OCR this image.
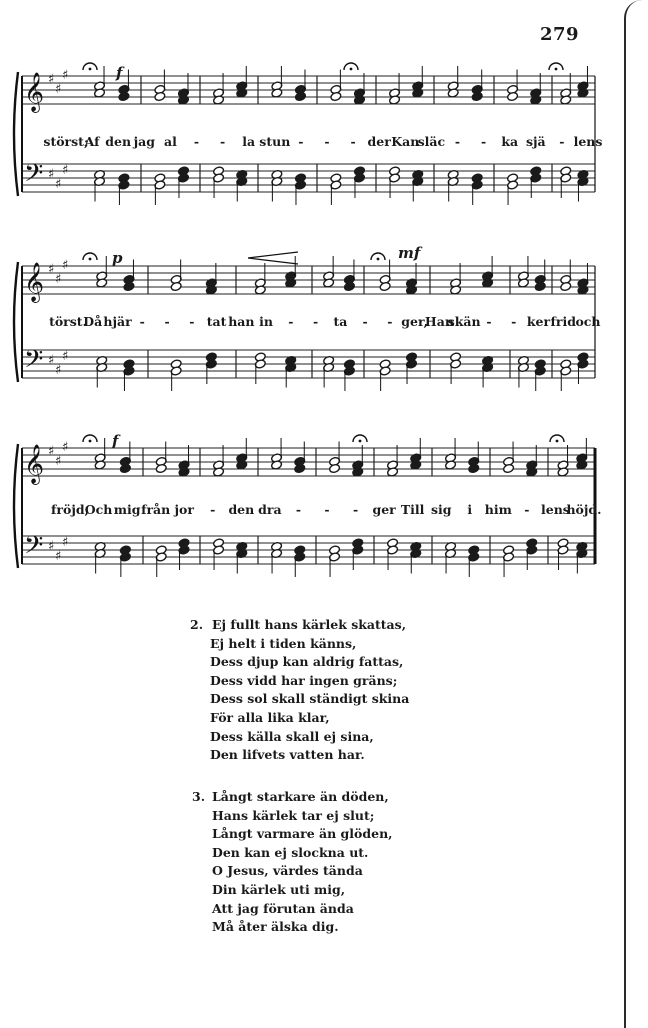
279
𝄞
𝄢
♯
♯
♯
♯
♯
♯
f
störst;
Af den jag al - - la stun - - - der Kan
släc - - ka sjä - lens
𝄞
𝄢
♯
♯
♯
♯
♯
♯
p	mf
törst.
Då hjär - - - tat han in - - ta - - ger,
Han
skän - - ker frid och
𝄞
𝄢
♯
♯
♯
♯
♯
♯
f
fröjd,
Och mig från jor - den dra - - - ger Till sig i him - lens
höjd.
2. Ej fullt hans kärlek skattas,
Ej helt i tiden känns,
Dess djup kan aldrig fattas,
Dess vidd har ingen gräns;
Dess sol skall ständigt skina
För alla lika klar,
Dess källa skall ej sina,
Den lifvets vatten har.
3. Långt starkare än döden,
Hans kärlek tar ej slut;
Långt varmare än glöden,
Den kan ej slockna ut.
O Jesus, värdes tända
Din kärlek uti mig,
Att jag förutan ända
Må åter älska dig.
